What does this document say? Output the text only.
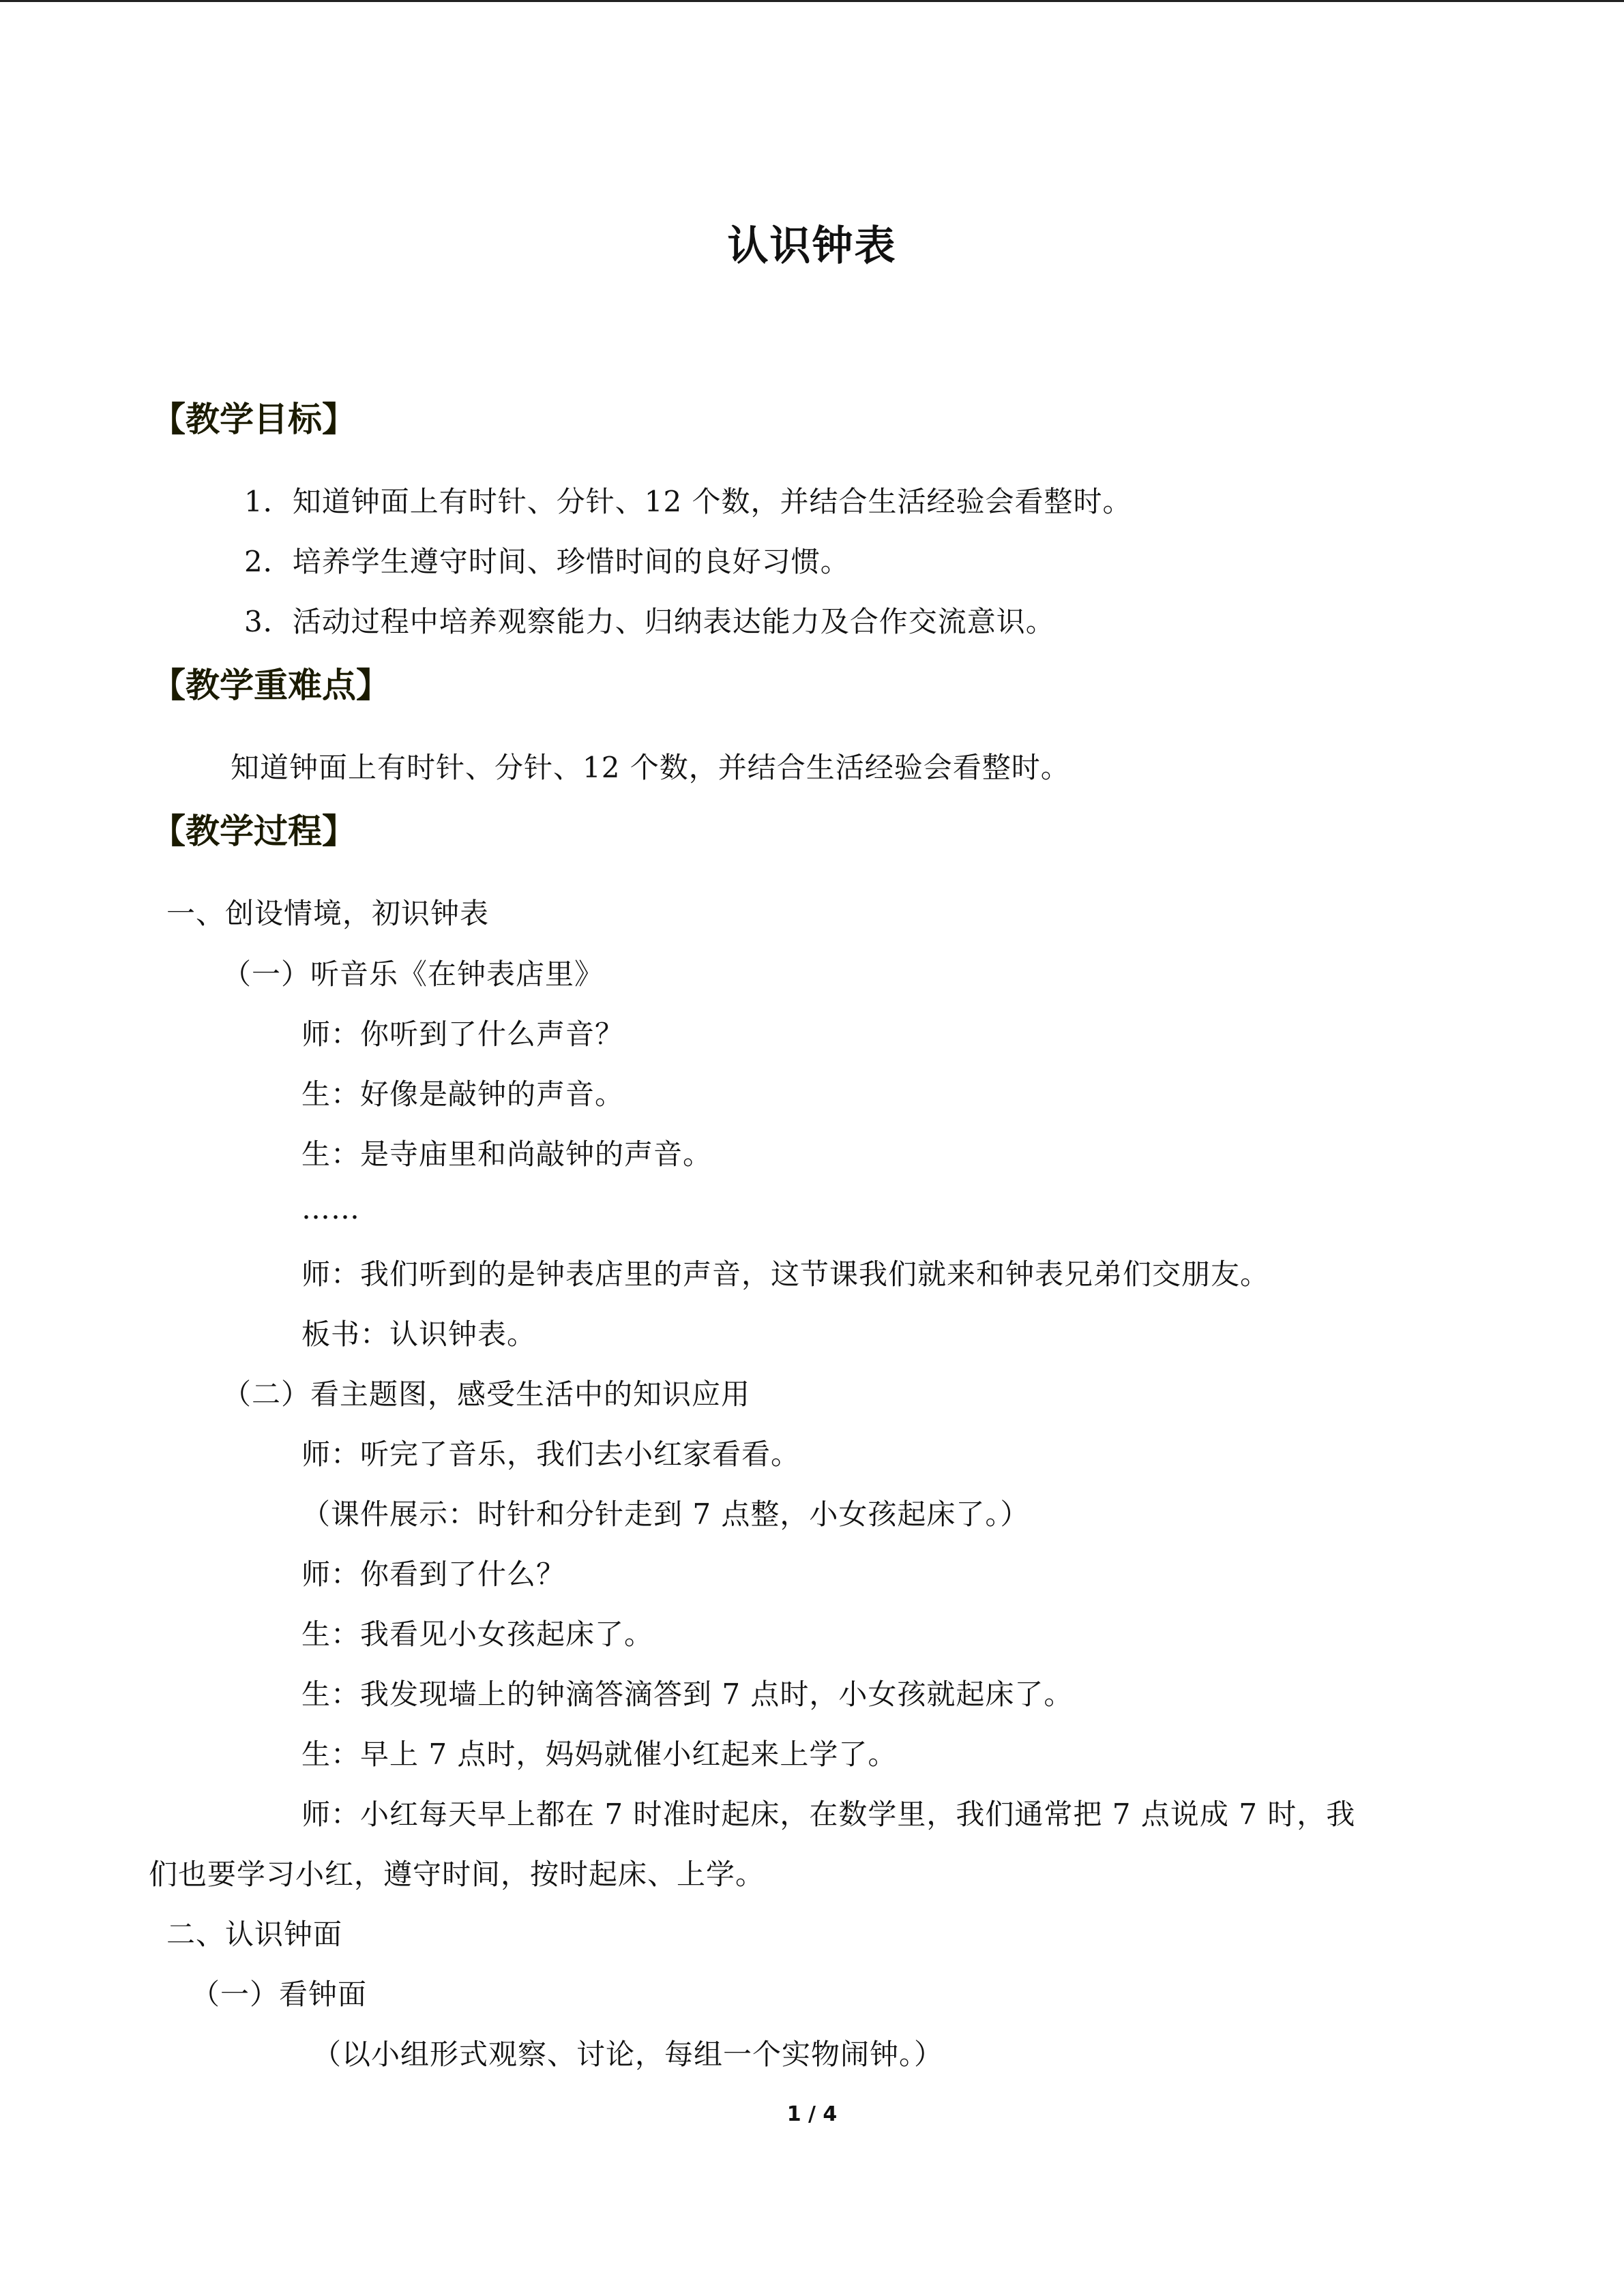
认识钟表
【教学目标】
1．知道钟面上有时针、分针、12 个数，并结合生活经验会看整时。
2．培养学生遵守时间、珍惜时间的良好习惯。
3．活动过程中培养观察能力、归纳表达能力及合作交流意识。
【教学重难点】
知道钟面上有时针、分针、12 个数，并结合生活经验会看整时。
【教学过程】
一、创设情境，初识钟表
（一）听音乐《在钟表店里》
师：你听到了什么声音？
生：好像是敲钟的声音。
生：是寺庙里和尚敲钟的声音。
……
师：我们听到的是钟表店里的声音，这节课我们就来和钟表兄弟们交朋友。
板书：认识钟表。
（二）看主题图，感受生活中的知识应用
师：听完了音乐，我们去小红家看看。
（课件展示：时针和分针走到 7 点整，小女孩起床了。）
师：你看到了什么？
生：我看见小女孩起床了。
生：我发现墙上的钟滴答滴答到 7 点时，小女孩就起床了。
生：早上 7 点时，妈妈就催小红起来上学了。
师：小红每天早上都在 7 时准时起床，在数学里，我们通常把 7 点说成 7 时，我
们也要学习小红，遵守时间，按时起床、上学。
二、认识钟面
（一）看钟面
（以小组形式观察、讨论，每组一个实物闹钟。）
1 / 4
